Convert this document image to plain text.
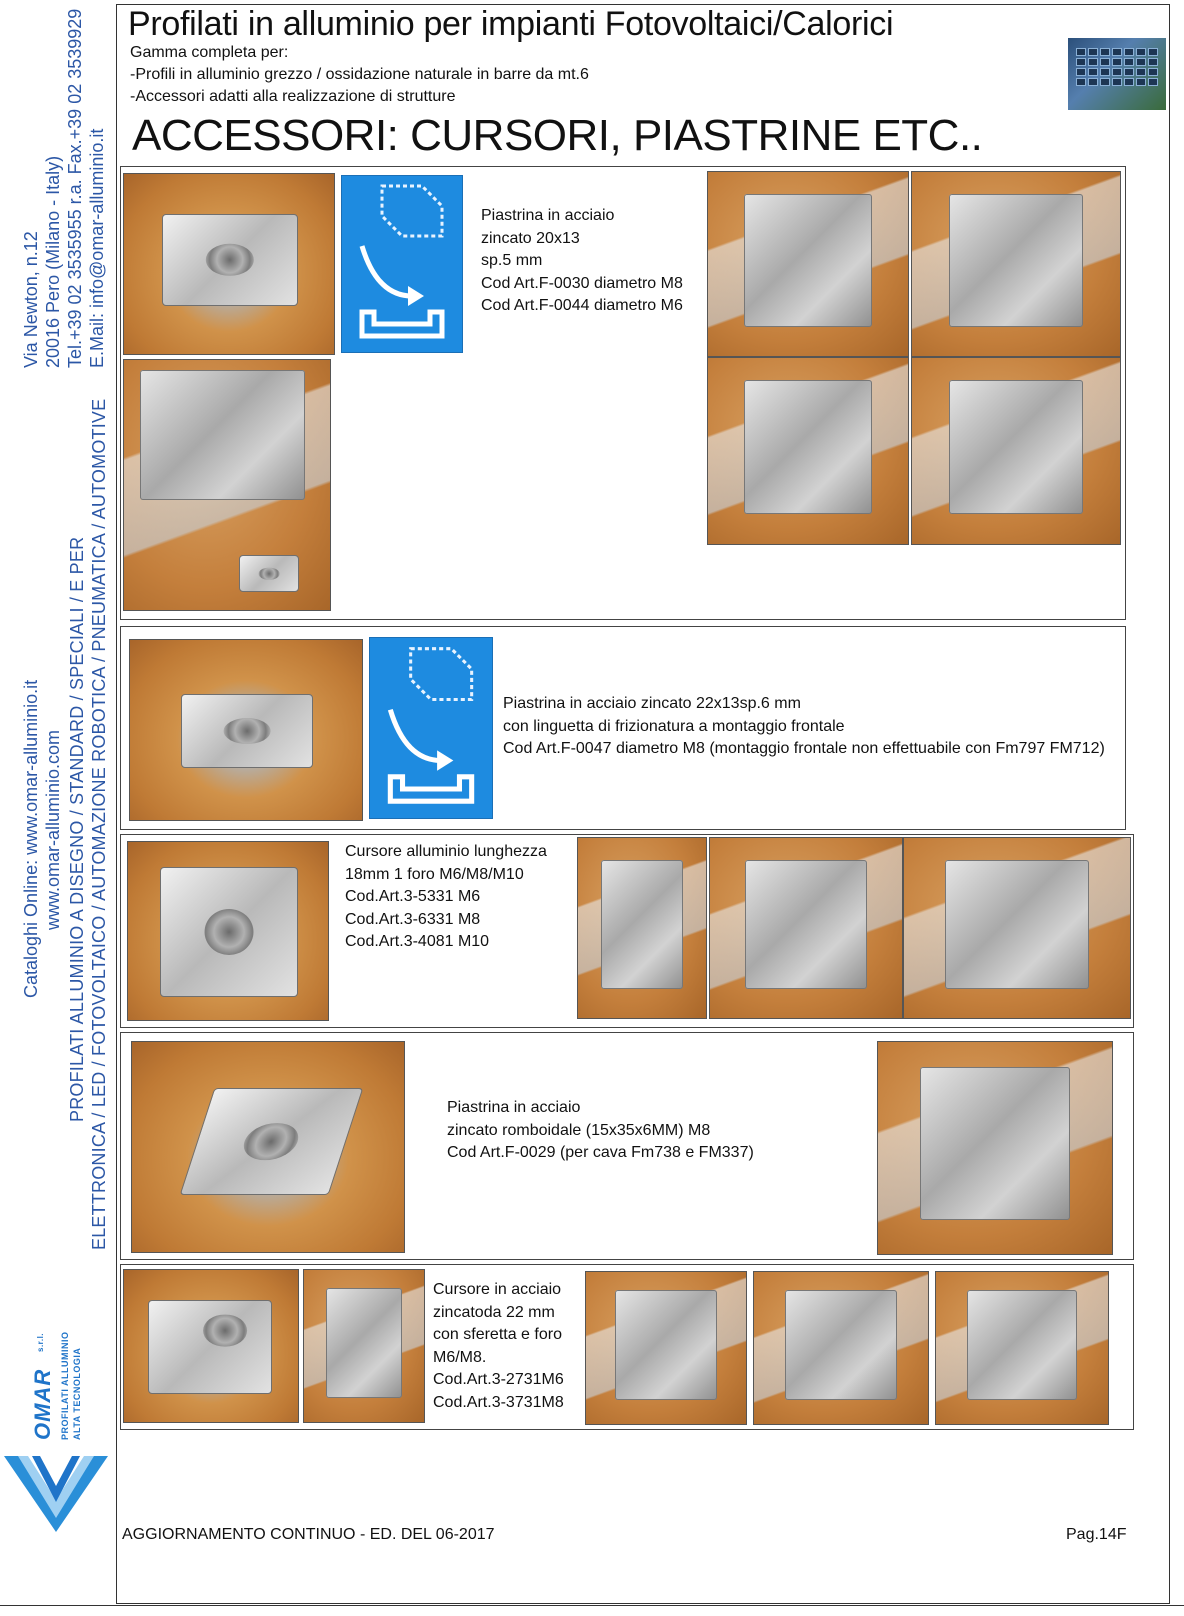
Via Newton, n.12 20016 Pero (Milano - Italy) Tel.+39 02 3535955 r.a. Fax.+39 02 3539929 E.Mail: info@omar-alluminio.it
Cataloghi Online: www.omar-alluminio.it www.omar-alluminio.com PROFILATI ALLUMINIO A DISEGNO / STANDARD / SPECIALI / E PER ELETTRONICA / LED / FOTOVOLTAICO / AUTOMAZIONE ROBOTICA / PNEUMATICA / AUTOMOTIVE
OMAR
s.r.l. PROFILATI ALLUMINIO ALTA TECNOLOGIA
Profilati in alluminio per impianti Fotovoltaici/Calorici
Gamma completa per:
-Profili in alluminio grezzo / ossidazione naturale in barre da mt.6
-Accessori adatti alla realizzazione di strutture
ACCESSORI: CURSORI, PIASTRINE ETC..
Piastrina in acciaio
zincato 20x13
sp.5 mm
Cod Art.F-0030 diametro M8
Cod Art.F-0044 diametro M6
Piastrina in acciaio zincato 22x13sp.6 mm
con linguetta di frizionatura a montaggio frontale
Cod Art.F-0047 diametro M8 (montaggio frontale non effettuabile con Fm797 FM712)
Cursore alluminio lunghezza
18mm 1 foro M6/M8/M10
Cod.Art.3-5331 M6
Cod.Art.3-6331 M8
Cod.Art.3-4081 M10
Piastrina in acciaio
zincato romboidale (15x35x6MM) M8
Cod Art.F-0029 (per cava Fm738 e FM337)
Cursore in acciaio
zincatoda 22 mm
con sferetta e foro
M6/M8.
Cod.Art.3-2731M6
Cod.Art.3-3731M8
AGGIORNAMENTO CONTINUO - ED. DEL 06-2017	Pag.14F
